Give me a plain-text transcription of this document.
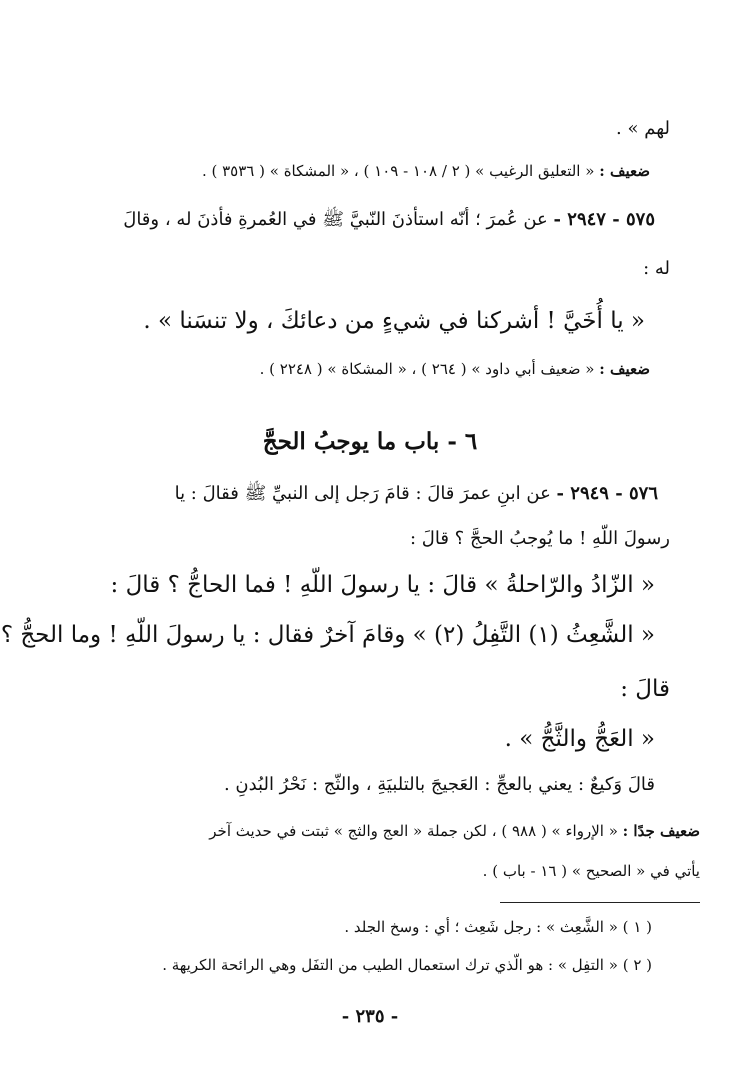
لهم » .
ضعيف : « التعليق الرغيب » ( ٢ / ١٠٨ - ١٠٩ ) ، « المشكاة » ( ٣٥٣٦ ) .
٥٧٥ - ٢٩٤٧ - عن عُمرَ ؛ أنّه استأذنَ النّبيَّ ﷺ في العُمرةِ فأذنَ له ، وقالَ
له :
« يا أُخَيَّ ! أشركنا في شيءٍ من دعائكَ ، ولا تنسَنا » .
ضعيف : « ضعيف أبي داود » ( ٢٦٤ ) ، « المشكاة » ( ٢٢٤٨ ) .
٦ - باب ما يوجبُ الحجَّ
٥٧٦ - ٢٩٤٩ - عن ابنِ عمرَ قالَ : قامَ رَجل إلى النبيِّ ﷺ فقالَ : يا
رسولَ اللّهِ ! ما يُوجبُ الحجَّ ؟ قالَ :
« الزّادُ والرّاحلةُ » قالَ : يا رسولَ اللّهِ ! فما الحاجُّ ؟ قالَ :
« الشَّعِثُ (١) التَّفِلُ (٢) » وقامَ آخرٌ فقال : يا رسولَ اللّهِ ! وما الحجُّ ؟
قالَ :
« العَجُّ والثَّجُّ » .
قالَ وَكيعٌ : يعني بالعجِّ : العَجيجَ بالتلبيَةِ ، والثّج : نَحْرُ البُدنِ .
ضعيف جدًا : « الإرواء » ( ٩٨٨ ) ، لكن جملة « العج والثج » ثبتت في حديث آخر
يأتي في « الصحيح » ( ١٦ - باب ) .
( ١ ) « الشَّعِث » : رجل شَعِث ؛ أي : وسخ الجلد .
( ٢ ) « التفِل » : هو الّذي ترك استعمال الطيب من التفَل وهي الرائحة الكريهة .
- ٢٣٥ -
